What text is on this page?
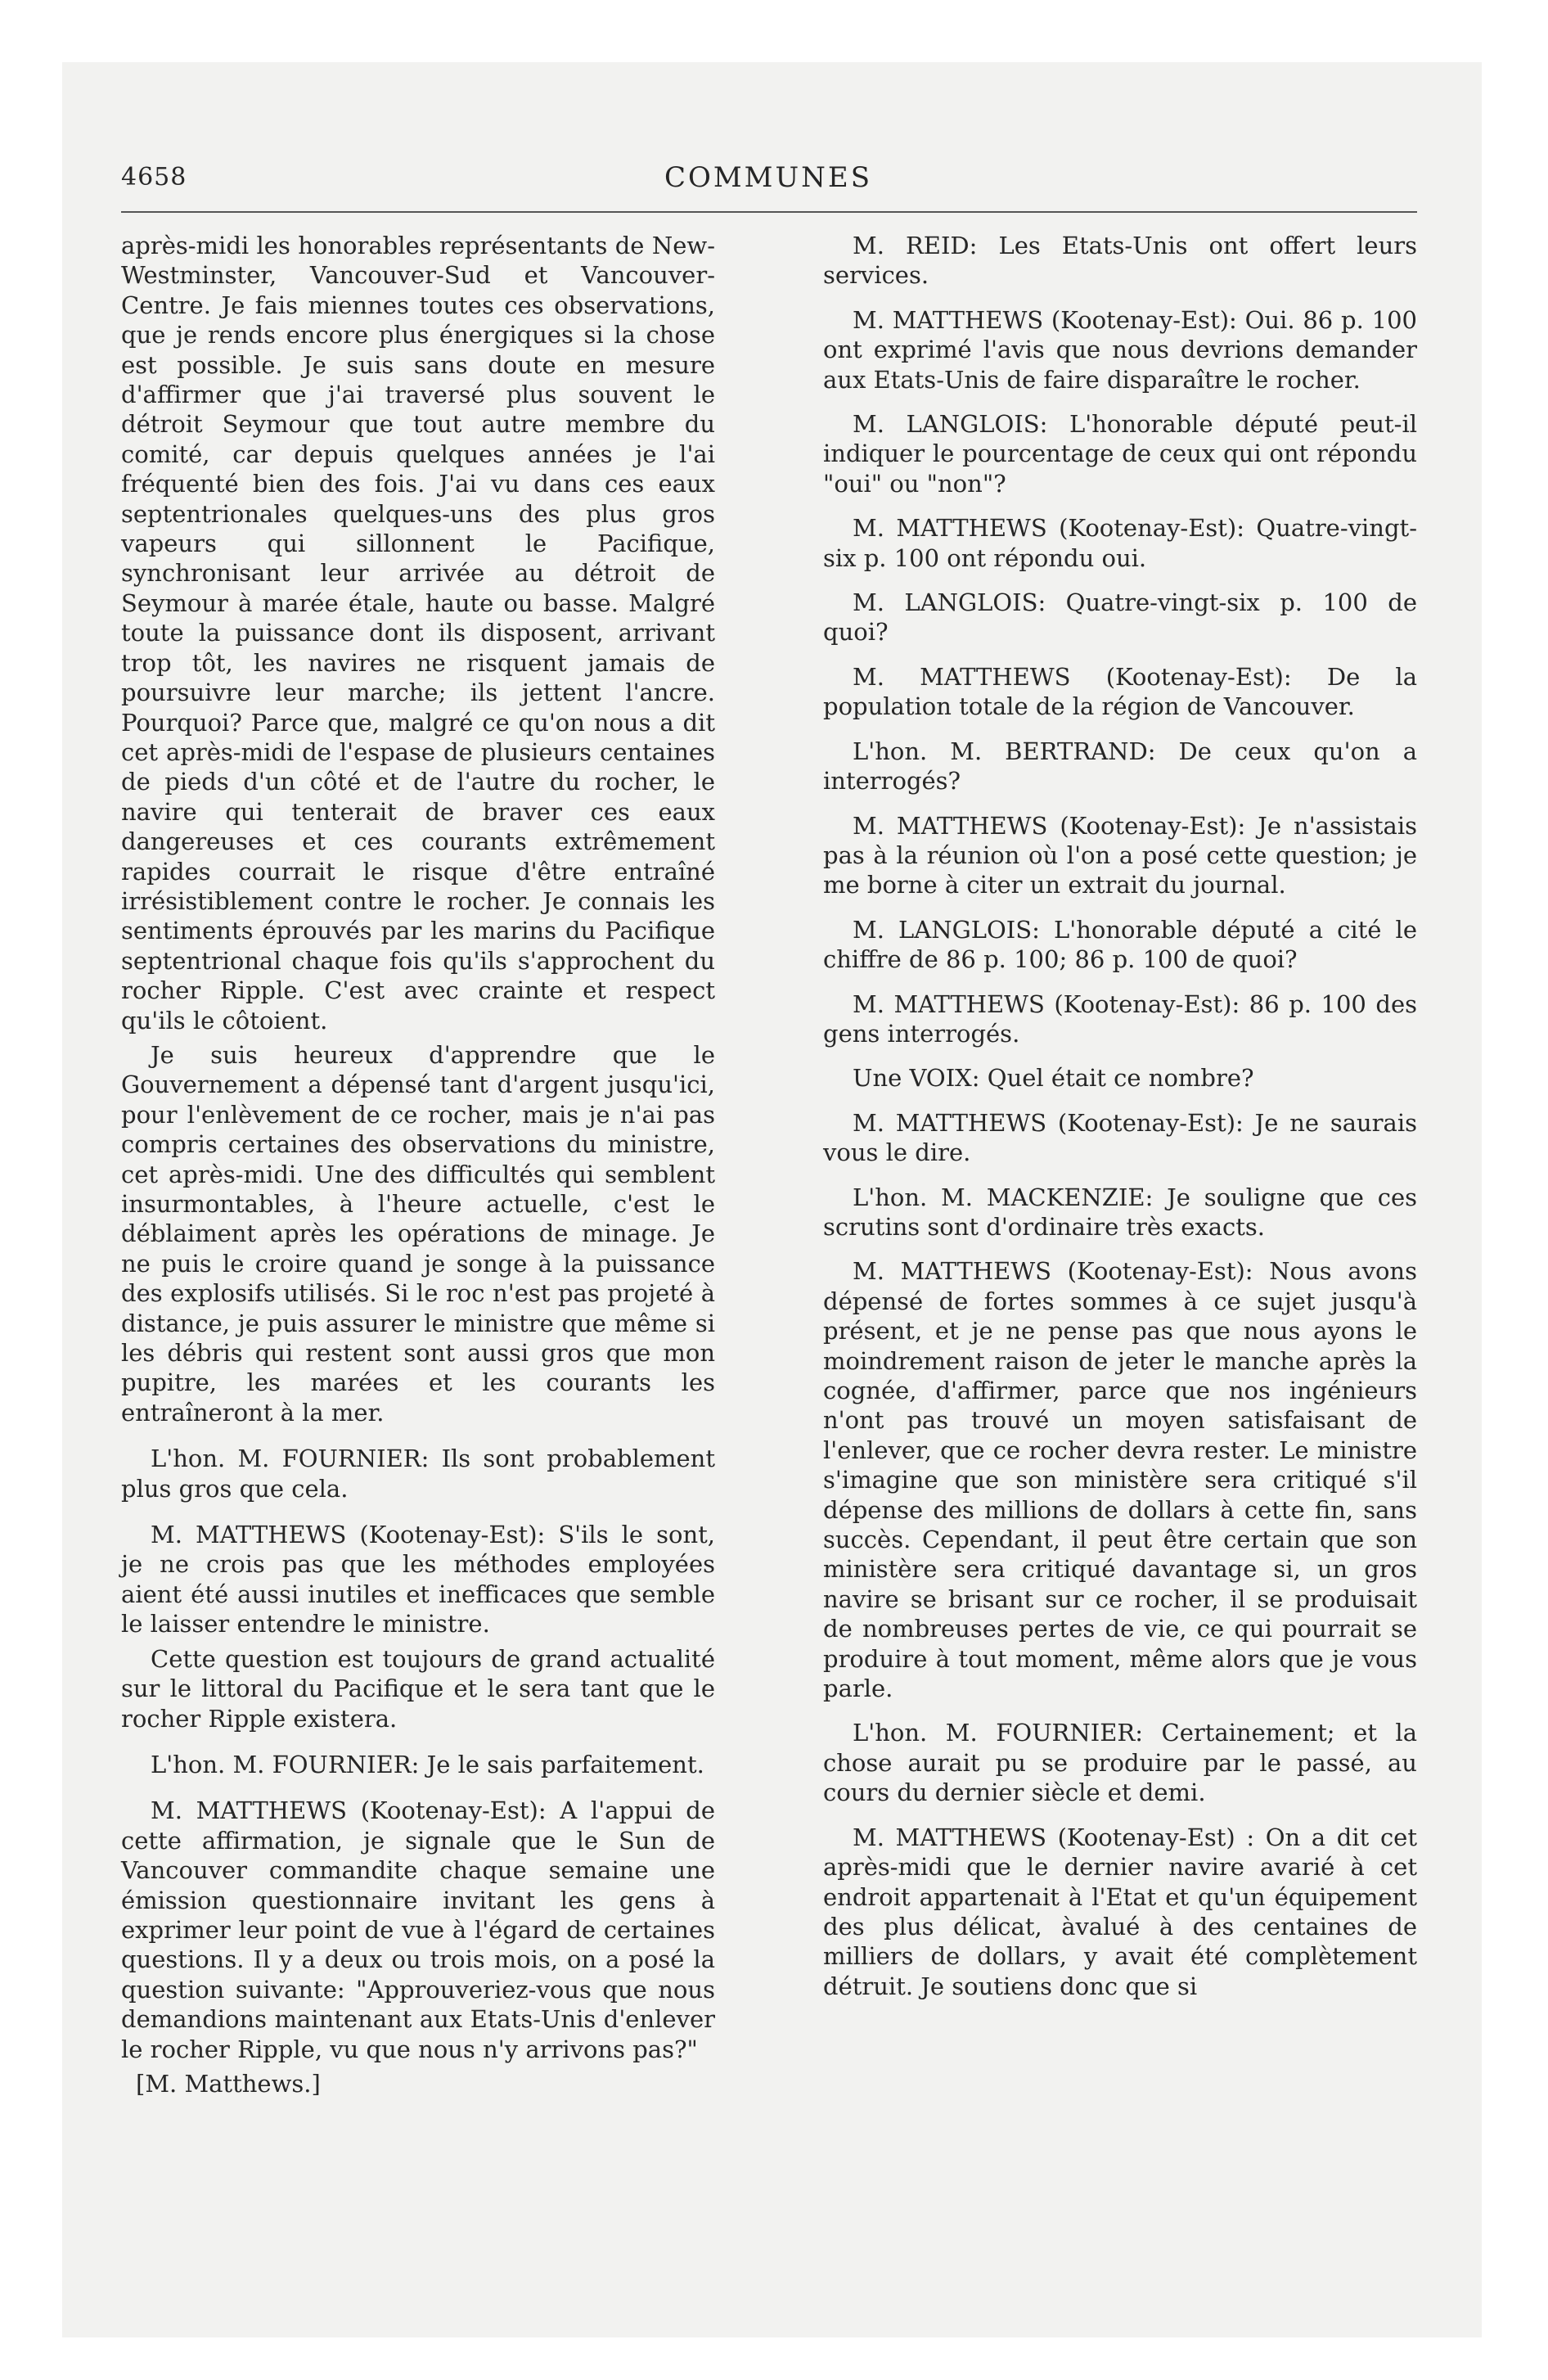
4658	COMMUNES

après-midi les honorables représentants de New-Westminster, Vancouver-Sud et Vancouver-Centre. Je fais miennes toutes ces observations, que je rends encore plus énergiques si la chose est possible. Je suis sans doute en mesure d'affirmer que j'ai traversé plus souvent le détroit Seymour que tout autre membre du comité, car depuis quelques années je l'ai fréquenté bien des fois. J'ai vu dans ces eaux septentrionales quelques-uns des plus gros vapeurs qui sillonnent le Pacifique, synchronisant leur arrivée au détroit de Seymour à marée étale, haute ou basse. Malgré toute la puissance dont ils disposent, arrivant trop tôt, les navires ne risquent jamais de poursuivre leur marche; ils jettent l'ancre. Pourquoi? Parce que, malgré ce qu'on nous a dit cet après-midi de l'espase de plusieurs centaines de pieds d'un côté et de l'autre du rocher, le navire qui tenterait de braver ces eaux dangereuses et ces courants extrêmement rapides courrait le risque d'être entraîné irrésistiblement contre le rocher. Je connais les sentiments éprouvés par les marins du Pacifique septentrional chaque fois qu'ils s'approchent du rocher Ripple. C'est avec crainte et respect qu'ils le côtoient.

Je suis heureux d'apprendre que le Gouvernement a dépensé tant d'argent jusqu'ici, pour l'enlèvement de ce rocher, mais je n'ai pas compris certaines des observations du ministre, cet après-midi. Une des difficultés qui semblent insurmontables, à l'heure actuelle, c'est le déblaiment après les opérations de minage. Je ne puis le croire quand je songe à la puissance des explosifs utilisés. Si le roc n'est pas projeté à distance, je puis assurer le ministre que même si les débris qui restent sont aussi gros que mon pupitre, les marées et les courants les entraîneront à la mer.

L'hon. M. FOURNIER: Ils sont probablement plus gros que cela.

M. MATTHEWS (Kootenay-Est): S'ils le sont, je ne crois pas que les méthodes employées aient été aussi inutiles et inefficaces que semble le laisser entendre le ministre.

Cette question est toujours de grand actualité sur le littoral du Pacifique et le sera tant que le rocher Ripple existera.

L'hon. M. FOURNIER: Je le sais parfaitement.

M. MATTHEWS (Kootenay-Est): A l'appui de cette affirmation, je signale que le Sun de Vancouver commandite chaque semaine une émission questionnaire invitant les gens à exprimer leur point de vue à l'égard de certaines questions. Il y a deux ou trois mois, on a posé la question suivante: "Approuveriez-vous que nous demandions maintenant aux Etats-Unis d'enlever le rocher Ripple, vu que nous n'y arrivons pas?"

[M. Matthews.]

M. REID: Les Etats-Unis ont offert leurs services.

M. MATTHEWS (Kootenay-Est): Oui. 86 p. 100 ont exprimé l'avis que nous devrions demander aux Etats-Unis de faire disparaître le rocher.

M. LANGLOIS: L'honorable député peut-il indiquer le pourcentage de ceux qui ont répondu "oui" ou "non"?

M. MATTHEWS (Kootenay-Est): Quatre-vingt-six p. 100 ont répondu oui.

M. LANGLOIS: Quatre-vingt-six p. 100 de quoi?

M. MATTHEWS (Kootenay-Est): De la population totale de la région de Vancouver.

L'hon. M. BERTRAND: De ceux qu'on a interrogés?

M. MATTHEWS (Kootenay-Est): Je n'assistais pas à la réunion où l'on a posé cette question; je me borne à citer un extrait du journal.

M. LANGLOIS: L'honorable député a cité le chiffre de 86 p. 100; 86 p. 100 de quoi?

M. MATTHEWS (Kootenay-Est): 86 p. 100 des gens interrogés.

Une VOIX: Quel était ce nombre?

M. MATTHEWS (Kootenay-Est): Je ne saurais vous le dire.

L'hon. M. MACKENZIE: Je souligne que ces scrutins sont d'ordinaire très exacts.

M. MATTHEWS (Kootenay-Est): Nous avons dépensé de fortes sommes à ce sujet jusqu'à présent, et je ne pense pas que nous ayons le moindrement raison de jeter le manche après la cognée, d'affirmer, parce que nos ingénieurs n'ont pas trouvé un moyen satisfaisant de l'enlever, que ce rocher devra rester. Le ministre s'imagine que son ministère sera critiqué s'il dépense des millions de dollars à cette fin, sans succès. Cependant, il peut être certain que son ministère sera critiqué davantage si, un gros navire se brisant sur ce rocher, il se produisait de nombreuses pertes de vie, ce qui pourrait se produire à tout moment, même alors que je vous parle.

L'hon. M. FOURNIER: Certainement; et la chose aurait pu se produire par le passé, au cours du dernier siècle et demi.

M. MATTHEWS (Kootenay-Est) : On a dit cet après-midi que le dernier navire avarié à cet endroit appartenait à l'Etat et qu'un équipement des plus délicat, àvalué à des centaines de milliers de dollars, y avait été complètement détruit. Je soutiens donc que si
